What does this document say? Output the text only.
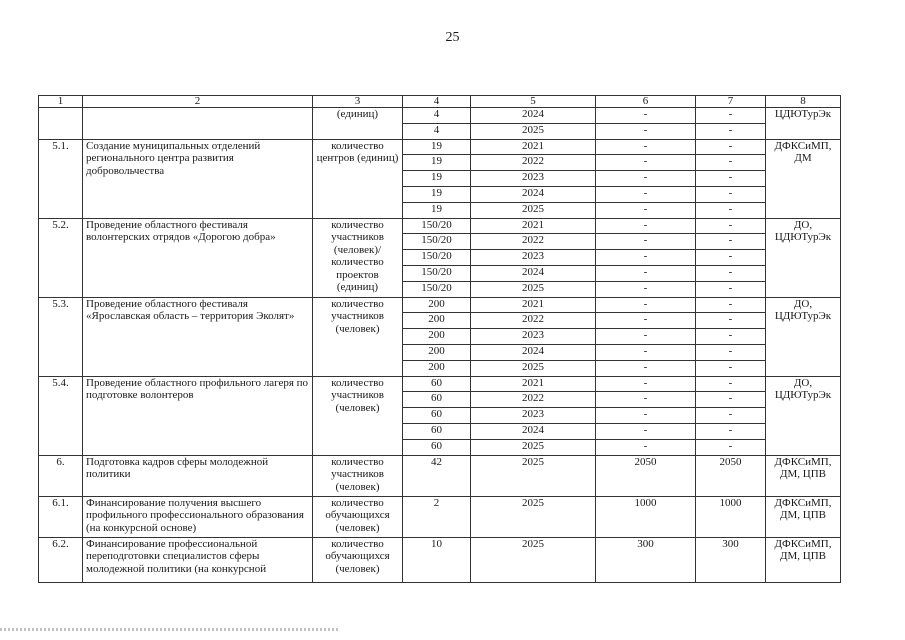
25
1	2	3	4	5	6	7	8
		(единиц)	4	2024	-	-	ЦДЮТурЭк
			4	2025	-	-	
5.1.	Создание муниципальных отделений регионального центра развития добровольчества	количество центров (единиц)	19	2021	-	-	ДФКСиМП, ДМ
			19	2022	-	-	
			19	2023	-	-	
			19	2024	-	-	
			19	2025	-	-	
5.2.	Проведение областного фестиваля волонтерских отрядов «Дорогою добра»	количество участников (человек)/ количество проектов (единиц)	150/20	2021	-	-	ДО, ЦДЮТурЭк
			150/20	2022	-	-	
			150/20	2023	-	-	
			150/20	2024	-	-	
			150/20	2025	-	-	
5.3.	Проведение областного фестиваля «Ярославская область – территория Эколят»	количество участников (человек)	200	2021	-	-	ДО, ЦДЮТурЭк
			200	2022	-	-	
			200	2023	-	-	
			200	2024	-	-	
			200	2025	-	-	
5.4.	Проведение областного профильного лагеря по подготовке волонтеров	количество участников (человек)	60	2021	-	-	ДО, ЦДЮТурЭк
			60	2022	-	-	
			60	2023	-	-	
			60	2024	-	-	
			60	2025	-	-	
6.	Подготовка кадров сферы молодежной политики	количество участников (человек)	42	2025	2050	2050	ДФКСиМП, ДМ, ЦПВ
6.1.	Финансирование получения высшего профильного профессионального образования (на конкурсной основе)	количество обучающихся (человек)	2	2025	1000	1000	ДФКСиМП, ДМ, ЦПВ
6.2.	Финансирование профессиональной переподготовки специалистов сферы молодежной политики (на конкурсной	количество обучающихся (человек)	10	2025	300	300	ДФКСиМП, ДМ, ЦПВ
